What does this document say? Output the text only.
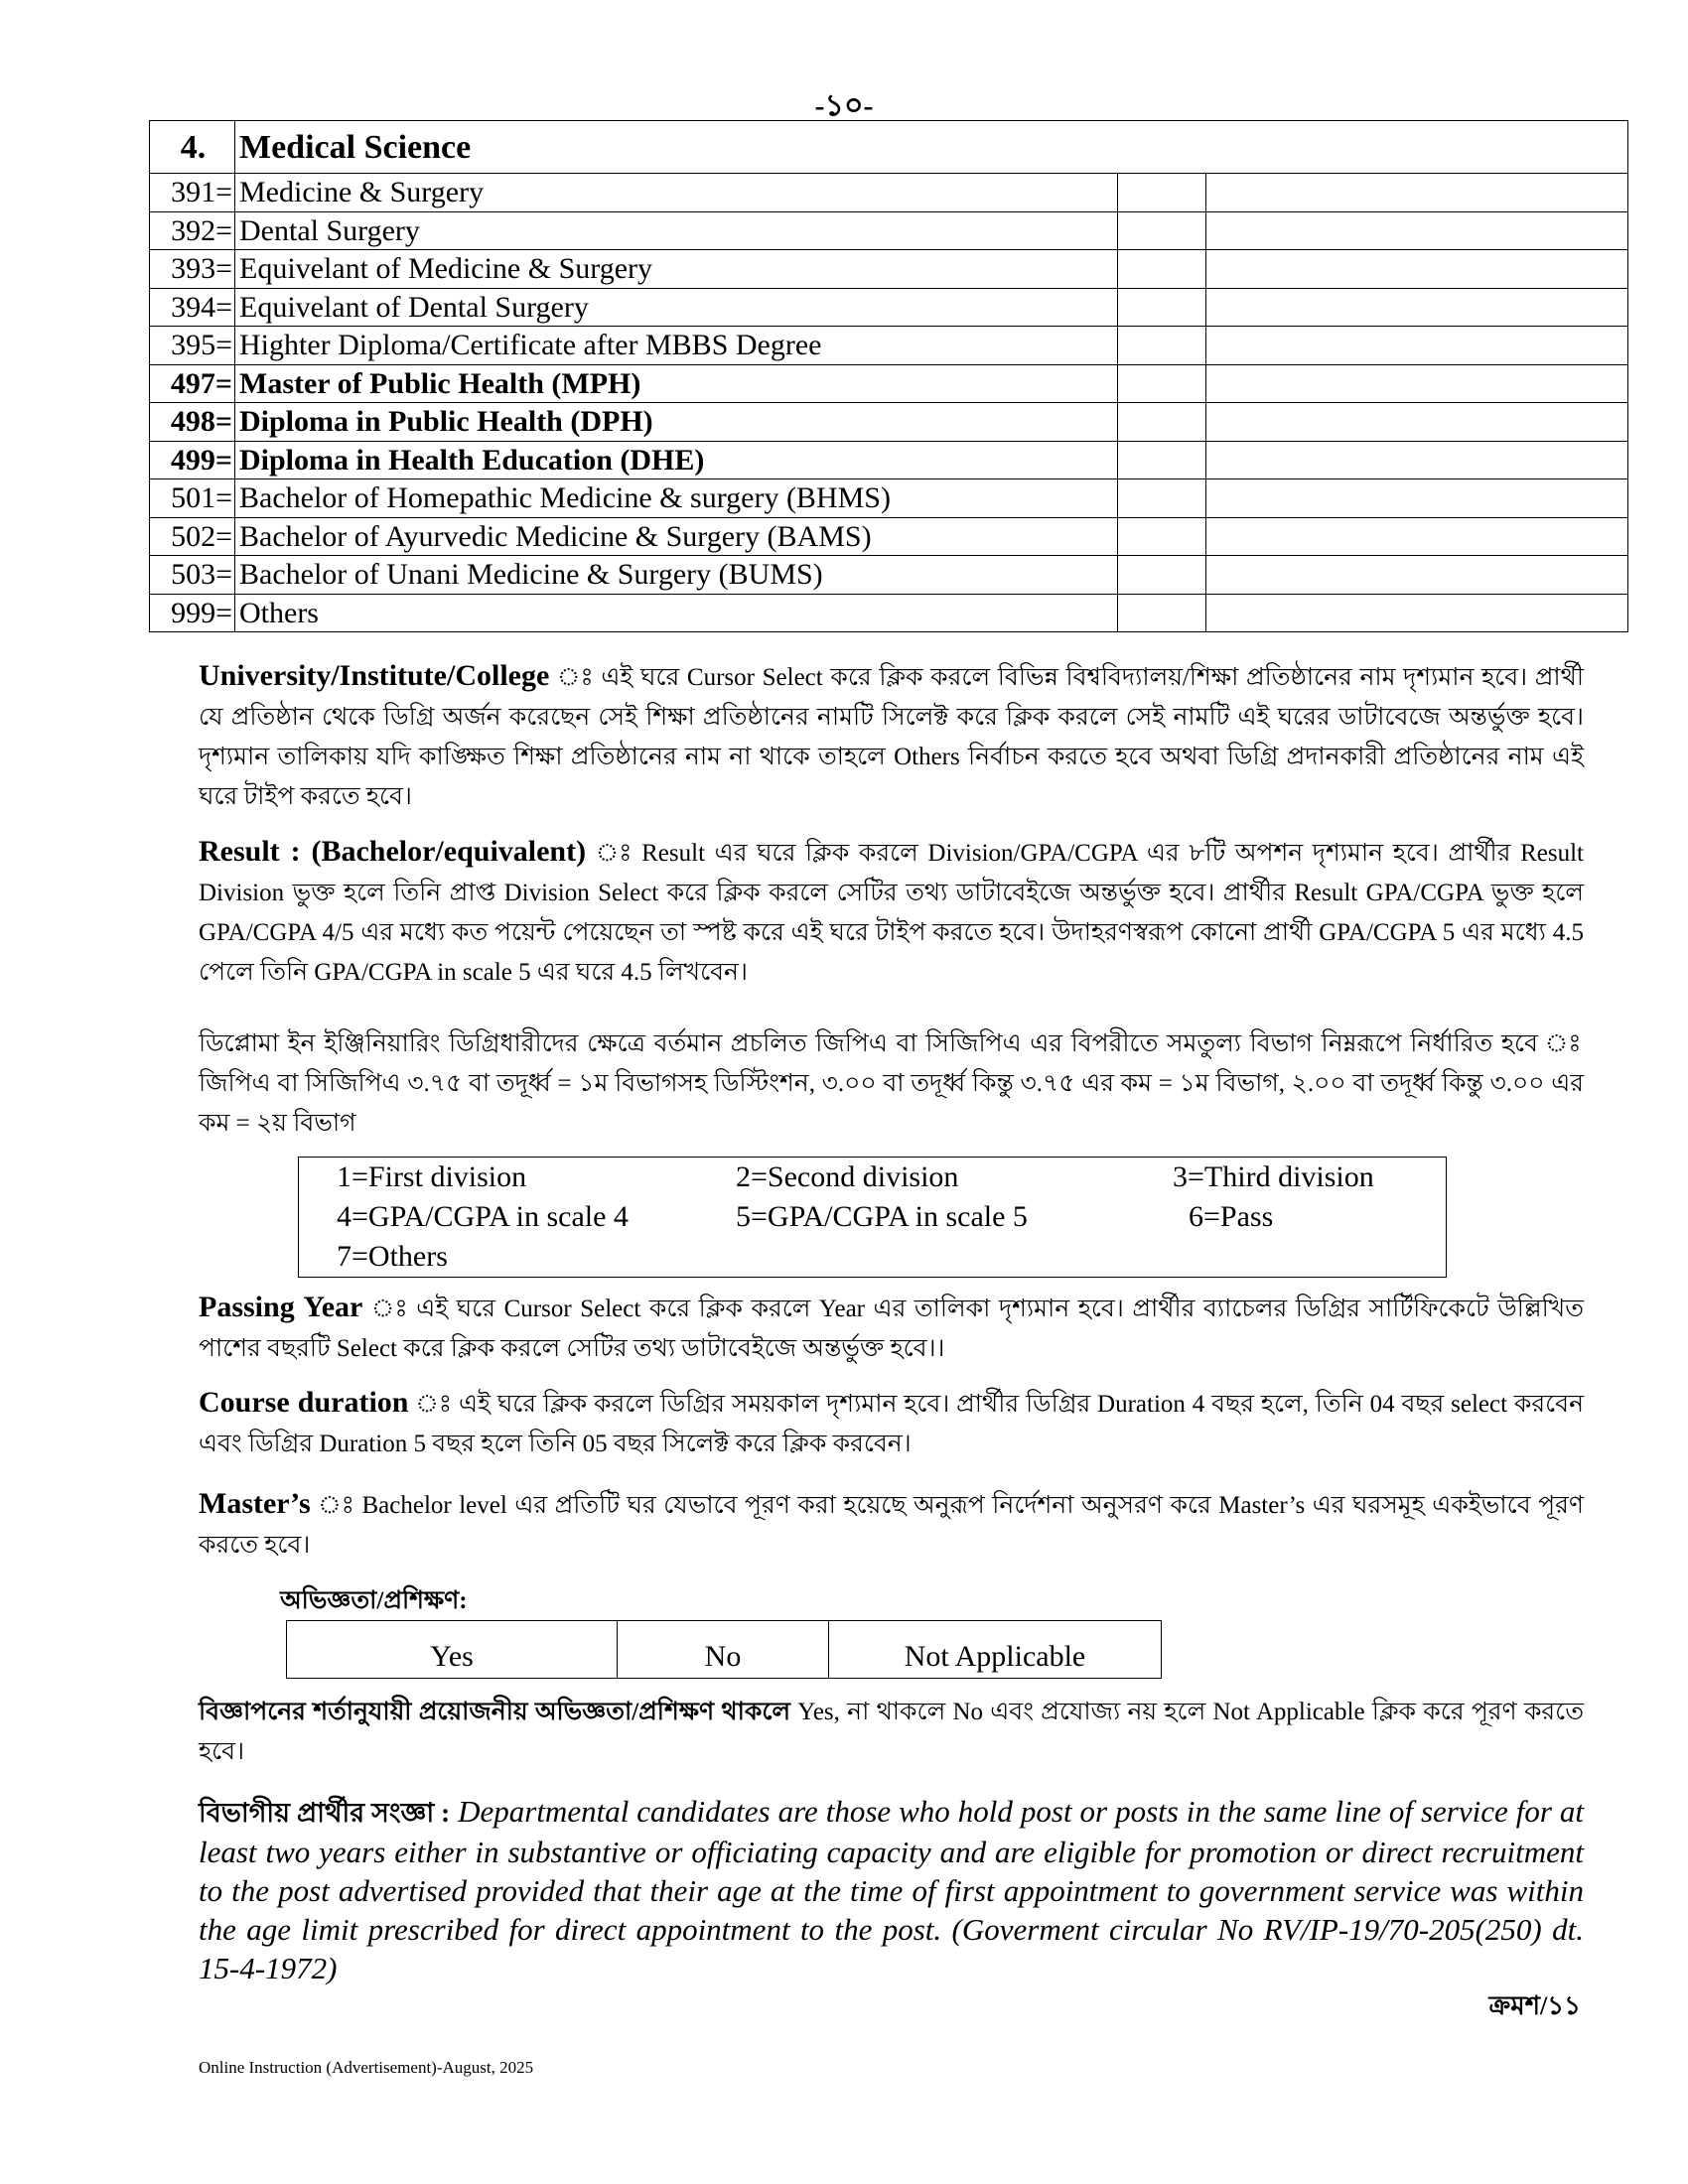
-১০-
4.	Medical Science		
391=	Medicine & Surgery		
392=	Dental Surgery		
393=	Equivelant of Medicine & Surgery		
394=	Equivelant of Dental Surgery		
395=	Highter Diploma/Certificate after MBBS Degree		
497=	Master of Public Health (MPH)		
498=	Diploma in Public Health (DPH)		
499=	Diploma in Health Education (DHE)		
501=	Bachelor of Homepathic Medicine & surgery (BHMS)		
502=	Bachelor of Ayurvedic Medicine & Surgery (BAMS)		
503=	Bachelor of Unani Medicine & Surgery (BUMS)		
999=	Others		
University/Institute/College ঃ এই ঘরে Cursor Select করে ক্লিক করলে বিভিন্ন বিশ্ববিদ্যালয়/শিক্ষা প্রতিষ্ঠানের নাম দৃশ্যমান হবে। প্রার্থী যে প্রতিষ্ঠান থেকে ডিগ্রি অর্জন করেছেন সেই শিক্ষা প্রতিষ্ঠানের নামটি সিলেক্ট করে ক্লিক করলে সেই নামটি এই ঘরের ডাটাবেজে অন্তর্ভুক্ত হবে। দৃশ্যমান তালিকায় যদি কাঙ্ক্ষিত শিক্ষা প্রতিষ্ঠানের নাম না থাকে তাহলে Others নির্বাচন করতে হবে অথবা ডিগ্রি প্রদানকারী প্রতিষ্ঠানের নাম এই ঘরে টাইপ করতে হবে।
Result : (Bachelor/equivalent) ঃ Result এর ঘরে ক্লিক করলে Division/GPA/CGPA এর ৮টি অপশন দৃশ্যমান হবে। প্রার্থীর Result Division ভুক্ত হলে তিনি প্রাপ্ত Division Select করে ক্লিক করলে সেটির তথ্য ডাটাবেইজে অন্তর্ভুক্ত হবে। প্রার্থীর Result GPA/CGPA ভুক্ত হলে GPA/CGPA 4/5 এর মধ্যে কত পয়েন্ট পেয়েছেন তা স্পষ্ট করে এই ঘরে টাইপ করতে হবে। উদাহরণস্বরূপ কোনো প্রার্থী GPA/CGPA 5 এর মধ্যে 4.5 পেলে তিনি GPA/CGPA in scale 5 এর ঘরে 4.5 লিখবেন।
ডিপ্লোমা ইন ইঞ্জিনিয়ারিং ডিগ্রিধারীদের ক্ষেত্রে বর্তমান প্রচলিত জিপিএ বা সিজিপিএ এর বিপরীতে সমতুল্য বিভাগ নিম্নরূপে নির্ধারিত হবে ঃ জিপিএ বা সিজিপিএ ৩.৭৫ বা তদূর্ধ্ব = ১ম বিভাগসহ ডিস্টিংশন, ৩.০০ বা তদূর্ধ্ব কিন্তু ৩.৭৫ এর কম = ১ম বিভাগ, ২.০০ বা তদূর্ধ্ব কিন্তু ৩.০০ এর কম = ২য় বিভাগ
1=First division	2=Second division	3=Third division
4=GPA/CGPA in scale 4	5=GPA/CGPA in scale 5	6=Pass
7=Others
Passing Year ঃ এই ঘরে Cursor Select করে ক্লিক করলে Year এর তালিকা দৃশ্যমান হবে। প্রার্থীর ব্যাচেলর ডিগ্রির সার্টিফিকেটে উল্লিখিত পাশের বছরটি Select করে ক্লিক করলে সেটির তথ্য ডাটাবেইজে অন্তর্ভুক্ত হবে।।
Course duration ঃ এই ঘরে ক্লিক করলে ডিগ্রির সময়কাল দৃশ্যমান হবে। প্রার্থীর ডিগ্রির Duration 4 বছর হলে, তিনি 04 বছর select করবেন এবং ডিগ্রির Duration 5 বছর হলে তিনি 05 বছর সিলেক্ট করে ক্লিক করবেন।
Master’s ঃ Bachelor level এর প্রতিটি ঘর যেভাবে পূরণ করা হয়েছে অনুরূপ নির্দেশনা অনুসরণ করে Master’s এর ঘরসমূহ একইভাবে পূরণ করতে হবে।
অভিজ্ঞতা/প্রশিক্ষণ:
Yes	No	Not Applicable
বিজ্ঞাপনের শর্তানুযায়ী প্রয়োজনীয় অভিজ্ঞতা/প্রশিক্ষণ থাকলে Yes, না থাকলে No এবং প্রযোজ্য নয় হলে Not Applicable ক্লিক করে পূরণ করতে হবে।
বিভাগীয় প্রার্থীর সংজ্ঞা : Departmental candidates are those who hold post or posts in the same line of service for at least two years either in substantive or officiating capacity and are eligible for promotion or direct recruitment to the post advertised provided that their age at the time of first appointment to government service was within the age limit prescribed for direct appointment to the post. (Goverment circular No RV/IP-19/70-205(250) dt. 15-4-1972)
ক্রমশ/১১
Online Instruction (Advertisement)-August, 2025
